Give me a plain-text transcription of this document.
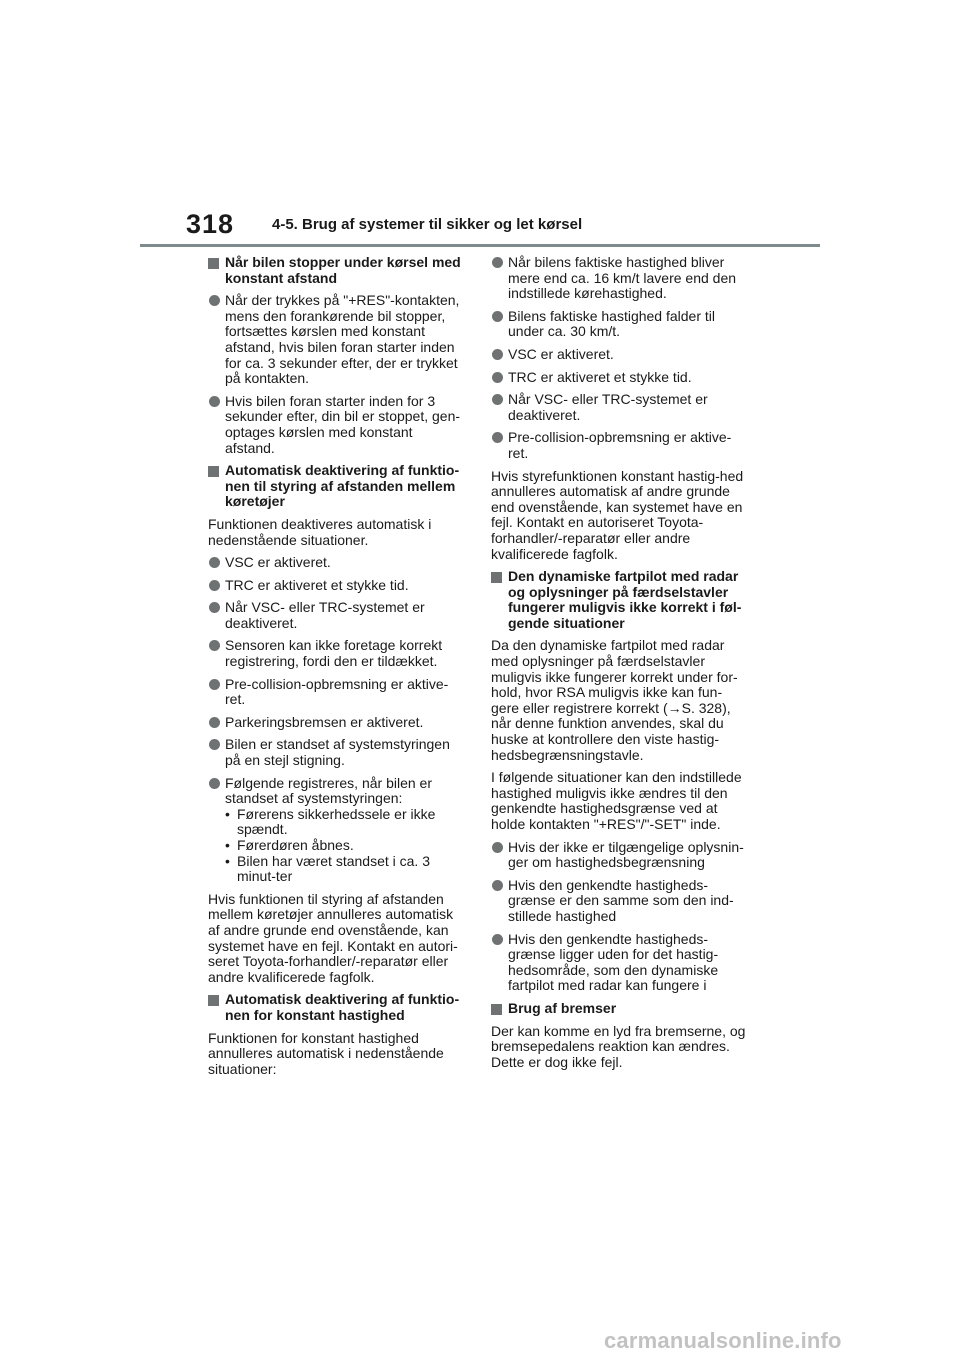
318	4-5. Brug af systemer til sikker og let kørsel
Når bilen stopper under kørsel med konstant afstand
Når der trykkes på "+RES"-kontakten, mens den forankørende bil stopper, fortsættes kørslen med konstant afstand, hvis bilen foran starter inden for ca. 3 sekunder efter, der er trykket på kontakten.
Hvis bilen foran starter inden for 3 sekunder efter, din bil er stoppet, gen-optages kørslen med konstant afstand.
Automatisk deaktivering af funktio-nen til styring af afstanden mellem køretøjer
Funktionen deaktiveres automatisk i nedenstående situationer.
VSC er aktiveret.
TRC er aktiveret et stykke tid.
Når VSC- eller TRC-systemet er deaktiveret.
Sensoren kan ikke foretage korrekt registrering, fordi den er tildækket.
Pre-collision-opbremsning er aktive-ret.
Parkeringsbremsen er aktiveret.
Bilen er standset af systemstyringen på en stejl stigning.
Følgende registreres, når bilen er standset af systemstyringen:
• Førerens sikkerhedssele er ikke spændt.
• Førerdøren åbnes.
• Bilen har været standset i ca. 3 minut-ter
Hvis funktionen til styring af afstanden mellem køretøjer annulleres automatisk af andre grunde end ovenstående, kan systemet have en fejl. Kontakt en autori-seret Toyota-forhandler/-reparatør eller andre kvalificerede fagfolk.
Automatisk deaktivering af funktio-nen for konstant hastighed
Funktionen for konstant hastighed annulleres automatisk i nedenstående situationer:
Når bilens faktiske hastighed bliver mere end ca. 16 km/t lavere end den indstillede kørehastighed.
Bilens faktiske hastighed falder til under ca. 30 km/t.
VSC er aktiveret.
TRC er aktiveret et stykke tid.
Når VSC- eller TRC-systemet er deaktiveret.
Pre-collision-opbremsning er aktive-ret.
Hvis styrefunktionen konstant hastig-hed annulleres automatisk af andre grunde end ovenstående, kan systemet have en fejl. Kontakt en autoriseret Toyota-forhandler/-reparatør eller andre kvalificerede fagfolk.
Den dynamiske fartpilot med radar og oplysninger på færdselstavler fungerer muligvis ikke korrekt i føl-gende situationer
Da den dynamiske fartpilot med radar med oplysninger på færdselstavler muligvis ikke fungerer korrekt under for-hold, hvor RSA muligvis ikke kan fun-gere eller registrere korrekt (→S. 328), når denne funktion anvendes, skal du huske at kontrollere den viste hastig-hedsbegrænsningstavle.
I følgende situationer kan den indstillede hastighed muligvis ikke ændres til den genkendte hastighedsgrænse ved at holde kontakten "+RES"/"-SET" inde.
Hvis der ikke er tilgængelige oplysnin-ger om hastighedsbegrænsning
Hvis den genkendte hastigheds-grænse er den samme som den ind-stillede hastighed
Hvis den genkendte hastigheds-grænse ligger uden for det hastig-hedsområde, som den dynamiske fartpilot med radar kan fungere i
Brug af bremser
Der kan komme en lyd fra bremserne, og bremsepedalens reaktion kan ændres. Dette er dog ikke fejl.
carmanualsonline.info
